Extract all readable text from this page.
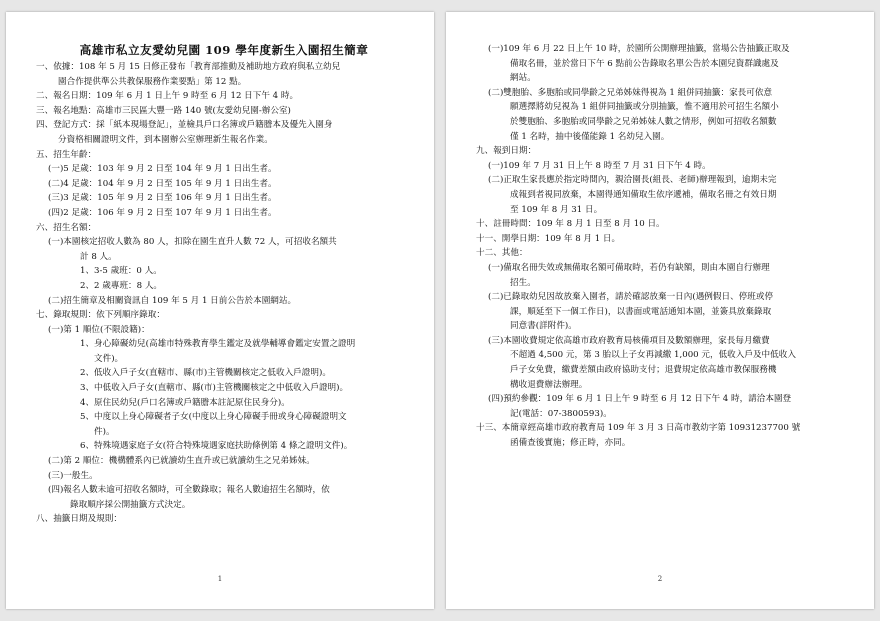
高雄市私立友愛幼兒園 109 學年度新生入園招生簡章
一、依據：108 年 5 月 15 日修正發布「教育部推動及補助地方政府與私立幼兒
園合作提供準公共教保服務作業要點」第 12 點。
二、報名日期：109 年 6 月 1 日上午 9 時至 6 月 12 日下午 4 時。
三、報名地點：高雄市三民區大豐一路 140 號(友愛幼兒園-辦公室)
四、登記方式：採「紙本現場登記」，並檢具戶口名簿或戶籍謄本及優先入園身
分資格相關證明文件，到本園辦公室辦理新生報名作業。
五、招生年齡：
(一)5 足歲：103 年 9 月 2 日至 104 年 9 月 1 日出生者。
(二)4 足歲：104 年 9 月 2 日至 105 年 9 月 1 日出生者。
(三)3 足歲：105 年 9 月 2 日至 106 年 9 月 1 日出生者。
(四)2 足歲：106 年 9 月 2 日至 107 年 9 月 1 日出生者。
六、招生名額：
(一)本園核定招收人數為 80 人，扣除在園生直升人數 72 人，可招收名額共
計 8 人。
1、3-5 歲班：0 人。
2、2 歲專班：8 人。
(二)招生簡章及相關資訊自 109 年 5 月 1 日前公告於本園網站。
七、錄取規則：依下列順序錄取：
(一)第 1 順位(不限設籍)：
1、身心障礙幼兒(高雄市特殊教育學生鑑定及就學輔導會鑑定安置之證明
文件)。
2、低收入戶子女(直轄市、縣(市)主管機關核定之低收入戶證明)。
3、中低收入戶子女(直轄市、縣(市)主管機關核定之中低收入戶證明)。
4、原住民幼兒(戶口名簿或戶籍謄本註記原住民身分)。
5、中度以上身心障礙者子女(中度以上身心障礙手冊或身心障礙證明文
件)。
6、特殊境遇家庭子女(符合特殊境遇家庭扶助條例第 4 條之證明文件)。
(二)第 2 順位：機構體系內已就讀幼生直升或已就讀幼生之兄弟姊妹。
(三)一般生。
(四)報名人數未逾可招收名額時，可全數錄取；報名人數逾招生名額時，依
錄取順序採公開抽籤方式決定。
八、抽籤日期及規則：
1
(一)109 年 6 月 22 日上午 10 時，於園所公開辦理抽籤，當場公告抽籤正取及
備取名冊，並於當日下午 6 點前公告錄取名單公告於本園兒資群識處及
網站。
(二)雙胞胎、多胞胎或同學齡之兄弟姊妹得視為 1 組併同抽籤：家長可依意
願選擇將幼兒視為 1 組併同抽籤或分別抽籤，惟不適用於可招生名額小
於雙胞胎、多胞胎或同學齡之兄弟姊妹人數之情形，例如可招收名額數
僅 1 名時，抽中後僅能錄 1 名幼兒入園。
九、報到日期：
(一)109 年 7 月 31 日上午 8 時至 7 月 31 日下午 4 時。
(二)正取生家長應於指定時間內，親洽園長(組長、老師)辦理報到，逾期未完
成報到者視同放棄，本園得通知備取生依序遞補，備取名冊之有效日期
至 109 年 8 月 31 日。
十、註冊時間：109 年 8 月 1 日至 8 月 10 日。
十一、開學日期：109 年 8 月 1 日。
十二、其他：
(一)備取名冊失效或無備取名額可備取時，若仍有缺額，則由本園自行辦理
招生。
(二)已錄取幼兒因故放棄入園者，請於確認放棄一日內(遇例假日、停班或停
課，順延至下一個工作日)，以書面或電話通知本園，並簽具放棄錄取
同意書(詳附件)。
(三)本園收費規定依高雄市政府教育局核備項目及數額辦理，家長每月繳費
不超過 4,500 元，第 3 胎以上子女再減繳 1,000 元，低收入戶及中低收入
戶子女免費，繳費差額由政府協助支付；退費規定依高雄市教保服務機
構收退費辦法辦理。
(四)預約參觀：109 年 6 月 1 日上午 9 時至 6 月 12 日下午 4 時，請洽本園登
記(電話：07-3800593)。
十三、本簡章經高雄市政府教育局 109 年 3 月 3 日高市教幼字第 10931237700 號
函備查後實施；修正時，亦同。
2
